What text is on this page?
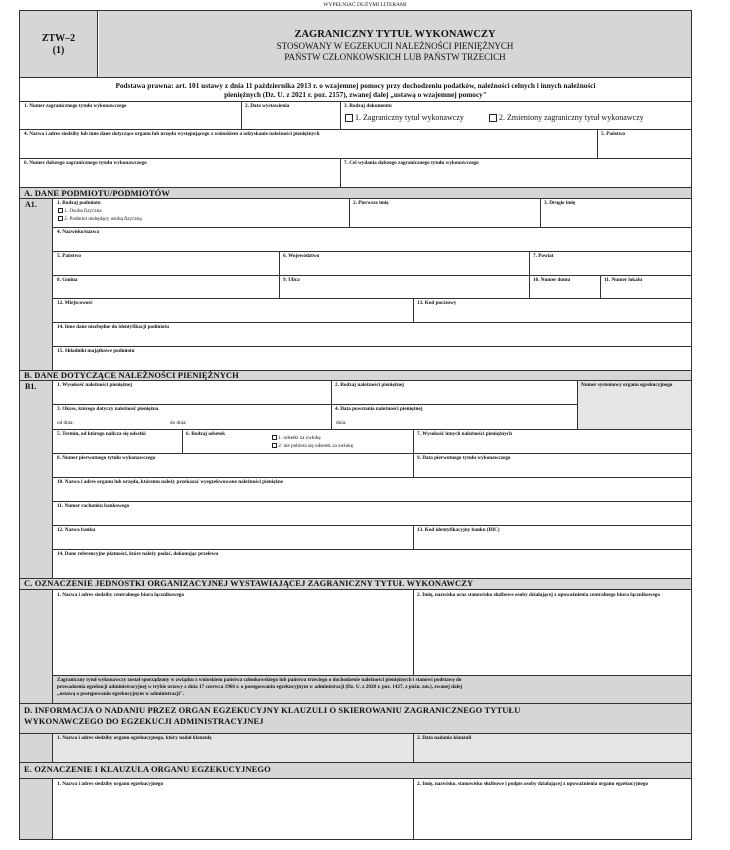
WYPEŁNIAĆ DUŻYMI LITERAMI
ZTW–2
(1)
ZAGRANICZNY TYTUŁ WYKONAWCZY
STOSOWANY W EGZEKUCJI NALEŻNOŚCI PIENIĘŻNYCH
PAŃSTW CZŁONKOWSKICH LUB PAŃSTW TRZECICH
Podstawa prawna: art. 101 ustawy z dnia 11 października 2013 r. o wzajemnej pomocy przy dochodzeniu podatków, należności celnych i innych należności
pieniężnych (Dz. U. z 2021 r. poz. 2157), zwanej dalej „ustawą o wzajemnej pomocy"
1. Numer zagranicznego tytułu wykonawczego	2. Data wystawienia	3. Rodzaj dokumentu
1. Zagraniczny tytuł wykonawczy	2. Zmieniony zagraniczny tytuł wykonawczy
4. Nazwa i adres siedziby lub inne dane dotyczące organu lub urzędu występującego z wnioskiem o odzyskanie należności pieniężnych	5. Państwo
6. Numer dalszego zagranicznego tytułu wykonawczego	7. Cel wydania dalszego zagranicznego tytułu wykonawczego
A. DANE PODMIOTU/PODMIOTÓW
A1.	1. Rodzaj podmiotu
1. Osoba fizyczna
2. Podmiot niebędący osobą fizyczną
2. Pierwsze imię	3. Drugie imię
4. Nazwisko/nazwa
5. Państwo	6. Województwo	7. Powiat
8. Gmina	9. Ulica	10. Numer domu	11. Numer lokalu
12. Miejscowość	13. Kod pocztowy
14. Inne dane niezbędne do identyfikacji podmiotu
15. Składniki majątkowe podmiotu
B. DANE DOTYCZĄCE NALEŻNOŚCI PIENIĘŻNYCH
B1.	1. Wysokość należności pieniężnej	2. Rodzaj należności pieniężnej	Numer systemowy organu egzekucyjnego
3. Okres, którego dotyczy należność pieniężna
od dnia:	do dnia:
4. Data powstania należności pieniężnej
dnia:
5. Termin, od którego nalicza się odsetki	6. Rodzaj odsetek
1. odsetki za zwłokę
2. nie pobiera się odsetek za zwłokę
7. Wysokość innych należności pieniężnych
8. Numer pierwotnego tytułu wykonawczego	9. Data pierwotnego tytułu wykonawczego
10. Nazwa i adres organu lub urzędu, któremu należy przekazać wyegzekwowane należności pieniężne
11. Numer rachunku bankowego
12. Nazwa banku	13. Kod identyfikacyjny banku (BIC)
14. Dane referencyjne płatności, które należy podać, dokonując przelewu
C. OZNACZENIE JEDNOSTKI ORGANIZACYJNEJ WYSTAWIAJĄCEJ ZAGRANICZNY TYTUŁ WYKONAWCZY
1. Nazwa i adres siedziby centralnego biura łącznikowego	2. Imię, nazwisko oraz stanowisko służbowe osoby działającej z upoważnienia centralnego biura łącznikowego
Zagraniczny tytuł wykonawczy został sporządzony w związku z wnioskiem państwa członkowskiego lub państwa trzeciego o dochodzenie należności pieniężnych i stanowi podstawę do
prowadzenia egzekucji administracyjnej w trybie ustawy z dnia 17 czerwca 1966 r. o postępowaniu egzekucyjnym w administracji (Dz. U. z 2020 r. poz. 1427, z późn. zm.), zwanej dalej
„ustawą o postępowaniu egzekucyjnym w administracji".
D. INFORMACJA O NADANIU PRZEZ ORGAN EGZEKUCYJNY KLAUZULI O SKIEROWANIU ZAGRANICZNEGO TYTUŁU
WYKONAWCZEGO DO EGZEKUCJI ADMINISTRACYJNEJ
1. Nazwa i adres siedziby organu egzekucyjnego, który nadał klauzulę	2. Data nadania klauzuli
E. OZNACZENIE I KLAUZULA ORGANU EGZEKUCYJNEGO
1. Nazwa i adres siedziby organu egzekucyjnego	2. Imię, nazwisko, stanowisko służbowe i podpis osoby działającej z upoważnienia organu egzekucyjnego
